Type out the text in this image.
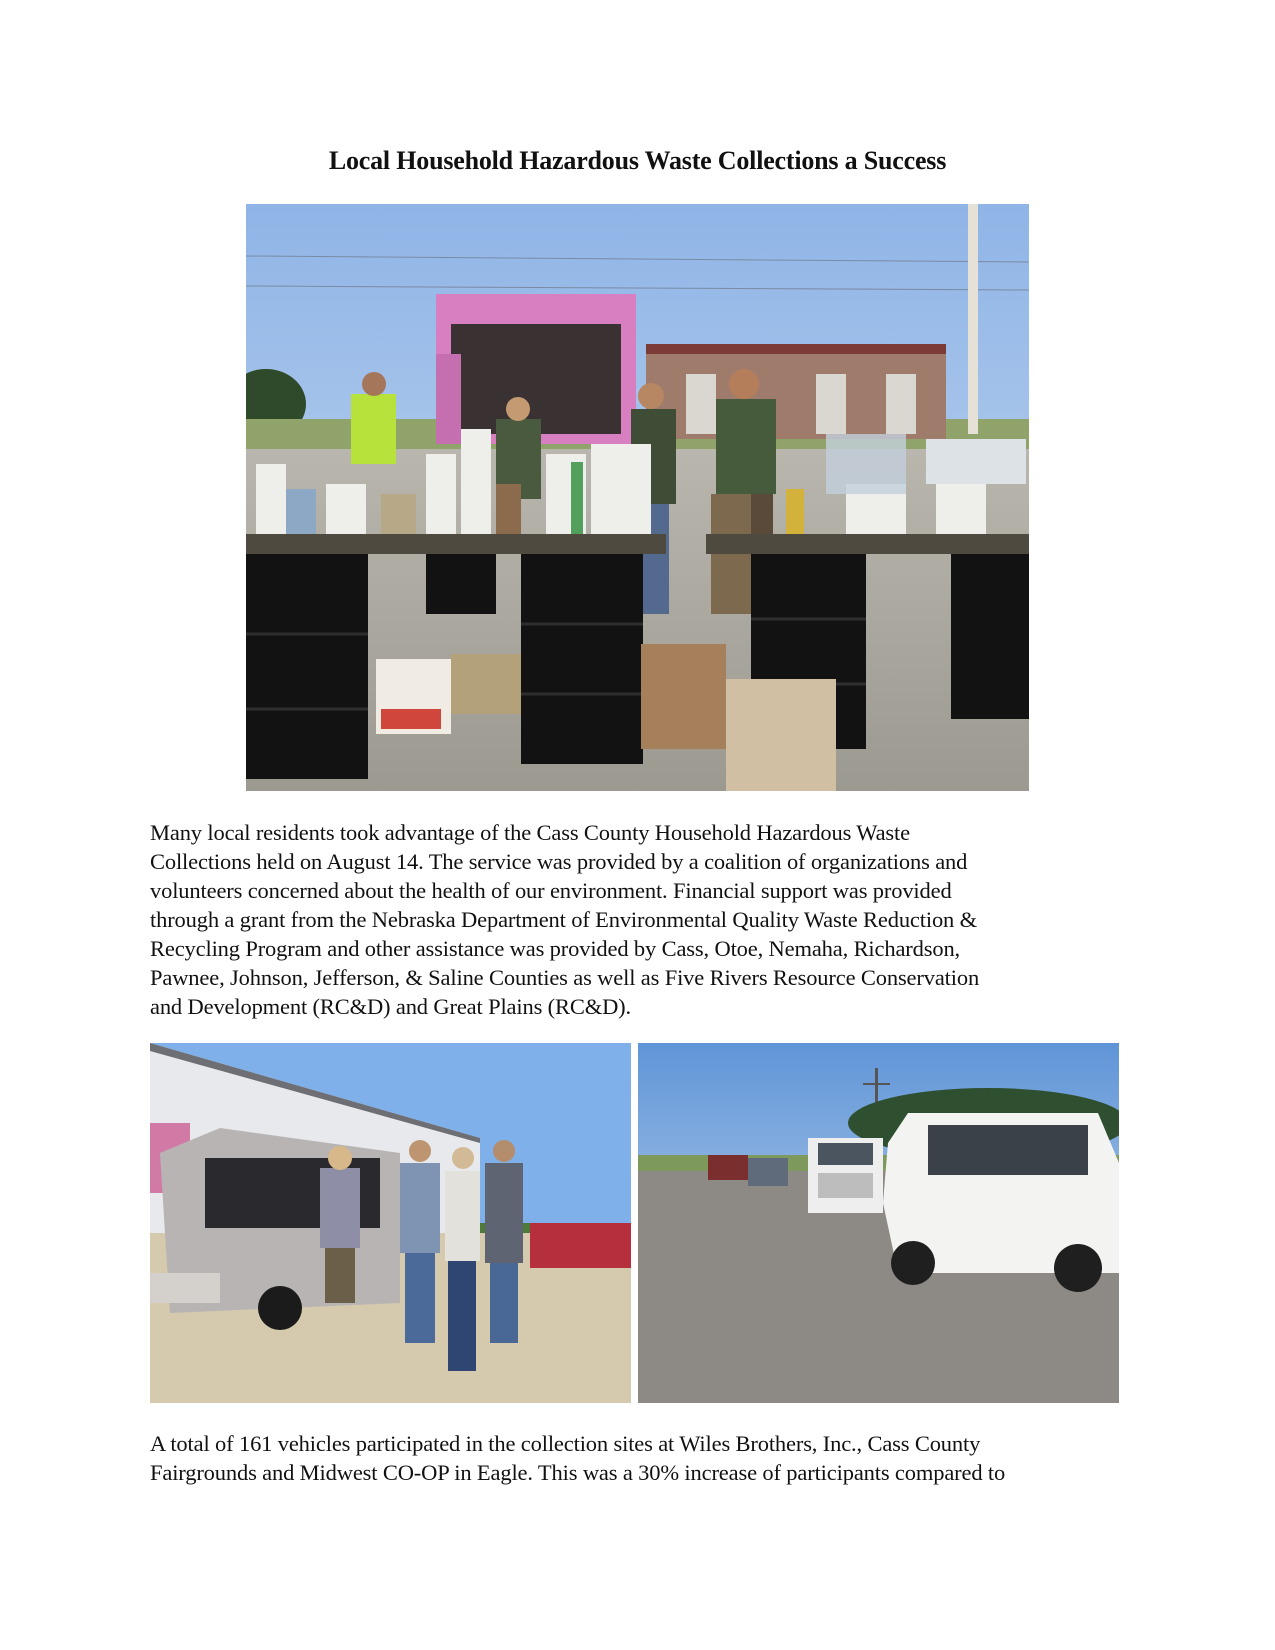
Local Household Hazardous Waste Collections a Success
Many local residents took advantage of the Cass County Household Hazardous Waste
Collections held on August 14. The service was provided by a coalition of organizations and
volunteers concerned about the health of our environment. Financial support was provided
through a grant from the Nebraska Department of Environmental Quality Waste Reduction &
Recycling Program and other assistance was provided by Cass, Otoe, Nemaha, Richardson,
Pawnee, Johnson, Jefferson, & Saline Counties as well as Five Rivers Resource Conservation
and Development (RC&D) and Great Plains (RC&D).
A total of 161 vehicles participated in the collection sites at Wiles Brothers, Inc., Cass County
Fairgrounds and Midwest CO-OP in Eagle. This was a 30% increase of participants compared to
